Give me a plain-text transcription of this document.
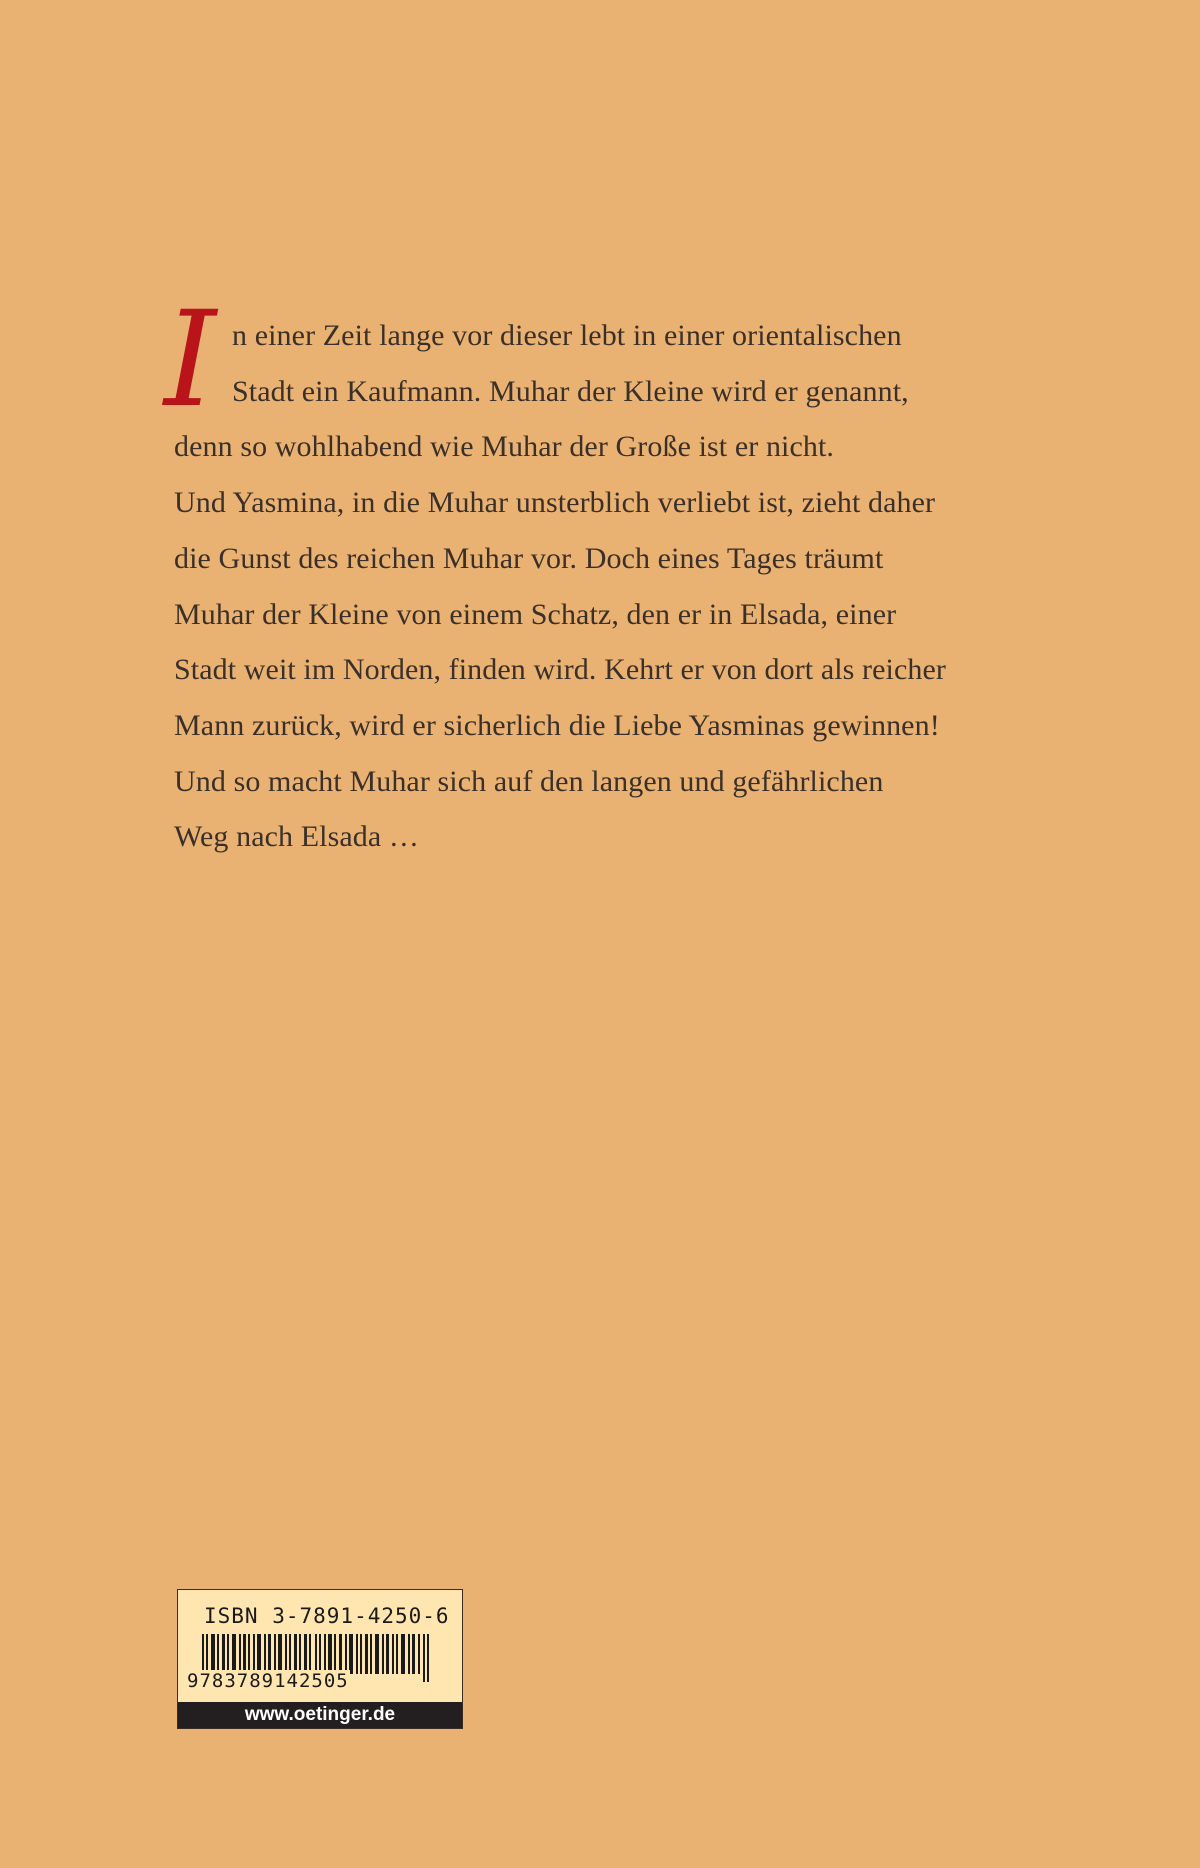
I n einer Zeit lange vor dieser lebt in einer orientalischen
Stadt ein Kaufmann. Muhar der Kleine wird er genannt,
denn so wohlhabend wie Muhar der Große ist er nicht.
Und Yasmina, in die Muhar unsterblich verliebt ist, zieht daher
die Gunst des reichen Muhar vor. Doch eines Tages träumt
Muhar der Kleine von einem Schatz, den er in Elsada, einer
Stadt weit im Norden, finden wird. Kehrt er von dort als reicher
Mann zurück, wird er sicherlich die Liebe Yasminas gewinnen!
Und so macht Muhar sich auf den langen und gefährlichen
Weg nach Elsada …
ISBN 3-7891-4250-6
9783789142505
www.oetinger.de
